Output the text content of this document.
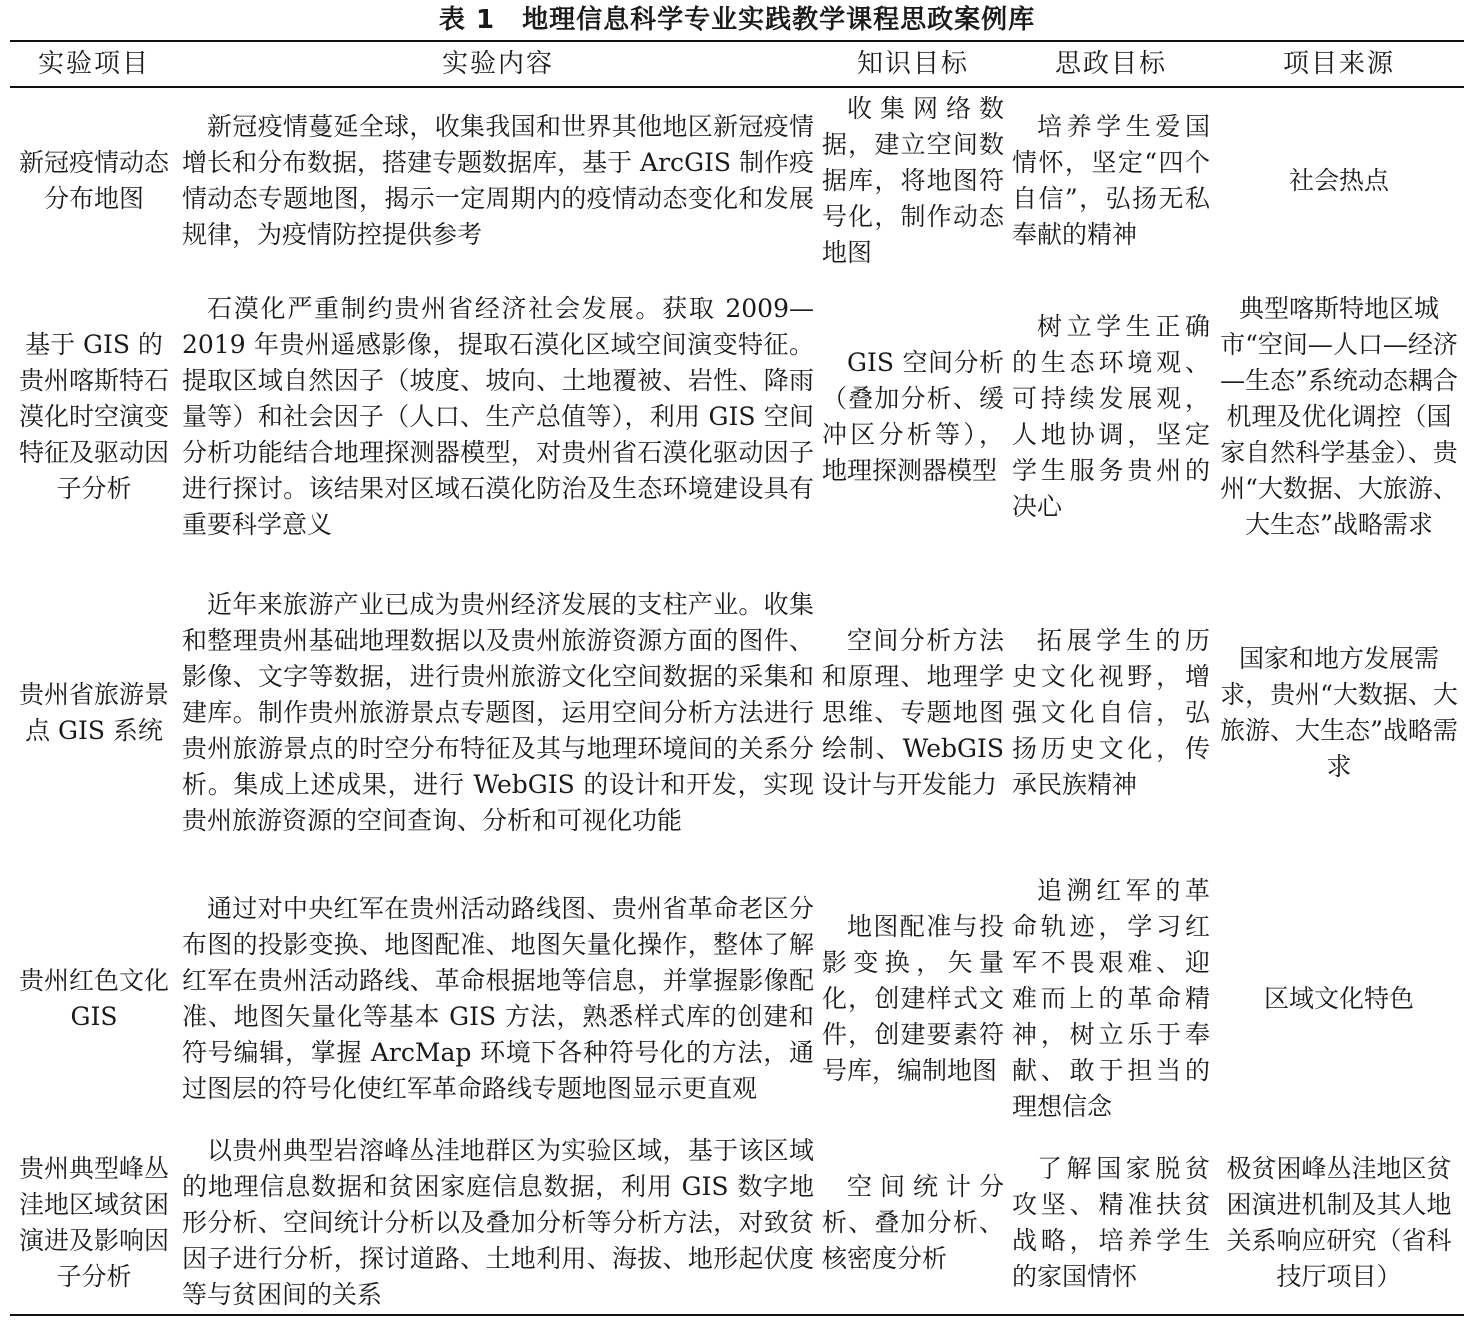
表 1　地理信息科学专业实践教学课程思政案例库
实验项目	实验内容	知识目标	思政目标	项目来源
新冠疫情动态分布地图	新冠疫情蔓延全球，收集我国和世界其他地区新冠疫情增长和分布数据，搭建专题数据库，基于 ArcGIS 制作疫情动态专题地图，揭示一定周期内的疫情动态变化和发展规律，为疫情防控提供参考	收集网络数据，建立空间数据库，将地图符号化，制作动态地图	培养学生爱国情怀，坚定“四个自信”，弘扬无私奉献的精神	社会热点
基于 GIS 的贵州喀斯特石漠化时空演变特征及驱动因子分析	石漠化严重制约贵州省经济社会发展。获取 2009—2019 年贵州遥感影像，提取石漠化区域空间演变特征。提取区域自然因子（坡度、坡向、土地覆被、岩性、降雨量等）和社会因子（人口、生产总值等），利用 GIS 空间分析功能结合地理探测器模型，对贵州省石漠化驱动因子进行探讨。该结果对区域石漠化防治及生态环境建设具有重要科学意义	GIS 空间分析（叠加分析、缓冲区分析等），地理探测器模型	树立学生正确的生态环境观、可持续发展观，人地协调，坚定学生服务贵州的决心	典型喀斯特地区城市“空间—人口—经济—生态”系统动态耦合机理及优化调控（国家自然科学基金）、贵州“大数据、大旅游、大生态”战略需求
贵州省旅游景点 GIS 系统	近年来旅游产业已成为贵州经济发展的支柱产业。收集和整理贵州基础地理数据以及贵州旅游资源方面的图件、影像、文字等数据，进行贵州旅游文化空间数据的采集和建库。制作贵州旅游景点专题图，运用空间分析方法进行贵州旅游景点的时空分布特征及其与地理环境间的关系分析。集成上述成果，进行 WebGIS 的设计和开发，实现贵州旅游资源的空间查询、分析和可视化功能	空间分析方法和原理、地理学思维、专题地图绘制、WebGIS 设计与开发能力	拓展学生的历史文化视野，增强文化自信，弘扬历史文化，传承民族精神	国家和地方发展需求，贵州“大数据、大旅游、大生态”战略需求
贵州红色文化 GIS	通过对中央红军在贵州活动路线图、贵州省革命老区分布图的投影变换、地图配准、地图矢量化操作，整体了解红军在贵州活动路线、革命根据地等信息，并掌握影像配准、地图矢量化等基本 GIS 方法，熟悉样式库的创建和符号编辑，掌握 ArcMap 环境下各种符号化的方法，通过图层的符号化使红军革命路线专题地图显示更直观	地图配准与投影变换，矢量化，创建样式文件，创建要素符号库，编制地图	追溯红军的革命轨迹，学习红军不畏艰难、迎难而上的革命精神，树立乐于奉献、敢于担当的理想信念	区域文化特色
贵州典型峰丛洼地区域贫困演进及影响因子分析	以贵州典型岩溶峰丛洼地群区为实验区域，基于该区域的地理信息数据和贫困家庭信息数据，利用 GIS 数字地形分析、空间统计分析以及叠加分析等分析方法，对致贫因子进行分析，探讨道路、土地利用、海拔、地形起伏度等与贫困间的关系	空间统计分析、叠加分析、核密度分析	了解国家脱贫攻坚、精准扶贫战略，培养学生的家国情怀	极贫困峰丛洼地区贫困演进机制及其人地关系响应研究（省科技厅项目）
